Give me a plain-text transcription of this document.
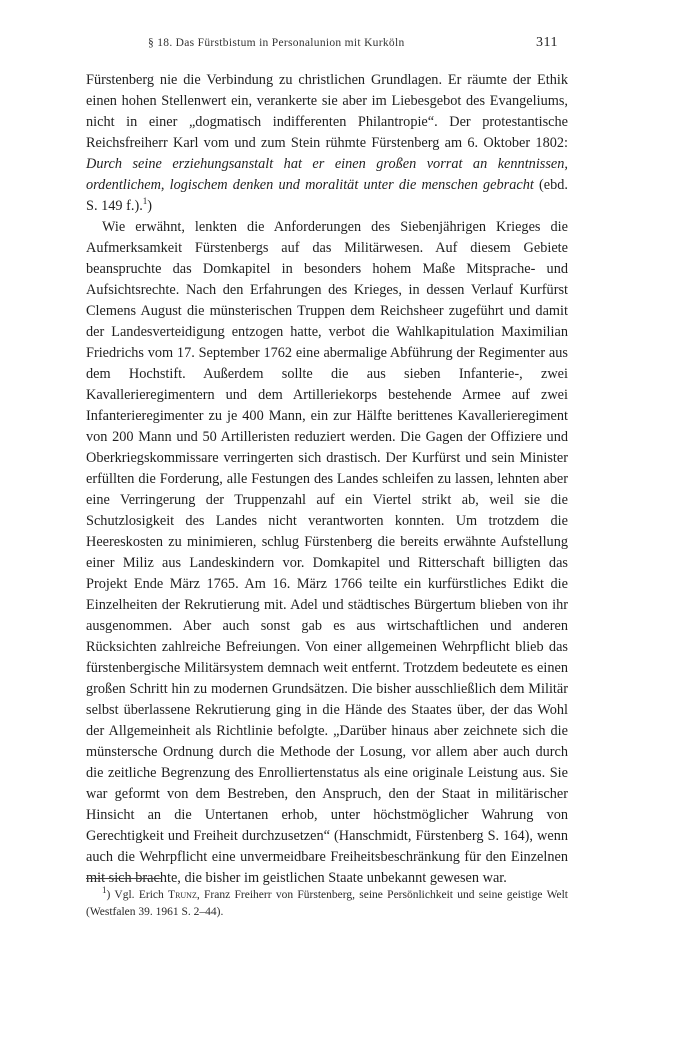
§ 18. Das Fürstbistum in Personalunion mit Kurköln	311

Fürstenberg nie die Verbindung zu christlichen Grundlagen. Er räumte der Ethik einen hohen Stellenwert ein, verankerte sie aber im Liebesgebot des Evangeliums, nicht in einer „dogmatisch indifferenten Philantropie“. Der protestantische Reichsfreiherr Karl vom und zum Stein rühmte Fürstenberg am 6. Oktober 1802: Durch seine erziehungsanstalt hat er einen großen vorrat an kenntnissen, ordentlichem, logischem denken und moralität unter die menschen gebracht (ebd. S. 149 f.).$^1$)

Wie erwähnt, lenkten die Anforderungen des Siebenjährigen Krieges die Aufmerksamkeit Fürstenbergs auf das Militärwesen. Auf diesem Gebiete beanspruchte das Domkapitel in besonders hohem Maße Mitsprache- und Aufsichtsrechte. Nach den Erfahrungen des Krieges, in dessen Verlauf Kurfürst Clemens August die münsterischen Truppen dem Reichsheer zugeführt und damit der Landesverteidigung entzogen hatte, verbot die Wahlkapitulation Maximilian Friedrichs vom 17. September 1762 eine abermalige Abführung der Regimenter aus dem Hochstift. Außerdem sollte die aus sieben Infanterie-, zwei Kavallerieregimentern und dem Artilleriekorps bestehende Armee auf zwei Infanterieregimenter zu je 400 Mann, ein zur Hälfte berittenes Kavallerieregiment von 200 Mann und 50 Artilleristen reduziert werden. Die Gagen der Offiziere und Oberkriegskommissare verringerten sich drastisch. Der Kurfürst und sein Minister erfüllten die Forderung, alle Festungen des Landes schleifen zu lassen, lehnten aber eine Verringerung der Truppenzahl auf ein Viertel strikt ab, weil sie die Schutzlosigkeit des Landes nicht verantworten konnten. Um trotzdem die Heereskosten zu minimieren, schlug Fürstenberg die bereits erwähnte Aufstellung einer Miliz aus Landeskindern vor. Domkapitel und Ritterschaft billigten das Projekt Ende März 1765. Am 16. März 1766 teilte ein kurfürstliches Edikt die Einzelheiten der Rekrutierung mit. Adel und städtisches Bürgertum blieben von ihr ausgenommen. Aber auch sonst gab es aus wirtschaftlichen und anderen Rücksichten zahlreiche Befreiungen. Von einer allgemeinen Wehrpflicht blieb das fürstenbergische Militärsystem demnach weit entfernt. Trotzdem bedeutete es einen großen Schritt hin zu modernen Grundsätzen. Die bisher ausschließlich dem Militär selbst überlassene Rekrutierung ging in die Hände des Staates über, der das Wohl der Allgemeinheit als Richtlinie befolgte. „Darüber hinaus aber zeichnete sich die münstersche Ordnung durch die Methode der Losung, vor allem aber auch durch die zeitliche Begrenzung des Enrolliertenstatus als eine originale Leistung aus. Sie war geformt von dem Bestreben, den Anspruch, den der Staat in militärischer Hinsicht an die Untertanen erhob, unter höchstmöglicher Wahrung von Gerechtigkeit und Freiheit durchzusetzen“ (Hanschmidt, Fürstenberg S. 164), wenn auch die Wehrpflicht eine unvermeidbare Freiheitsbeschränkung für den Einzelnen mit sich brachte, die bisher im geistlichen Staate unbekannt gewesen war.

$^1$) Vgl. Erich Trunz, Franz Freiherr von Fürstenberg, seine Persönlichkeit und seine geistige Welt (Westfalen 39. 1961 S. 2–44).
